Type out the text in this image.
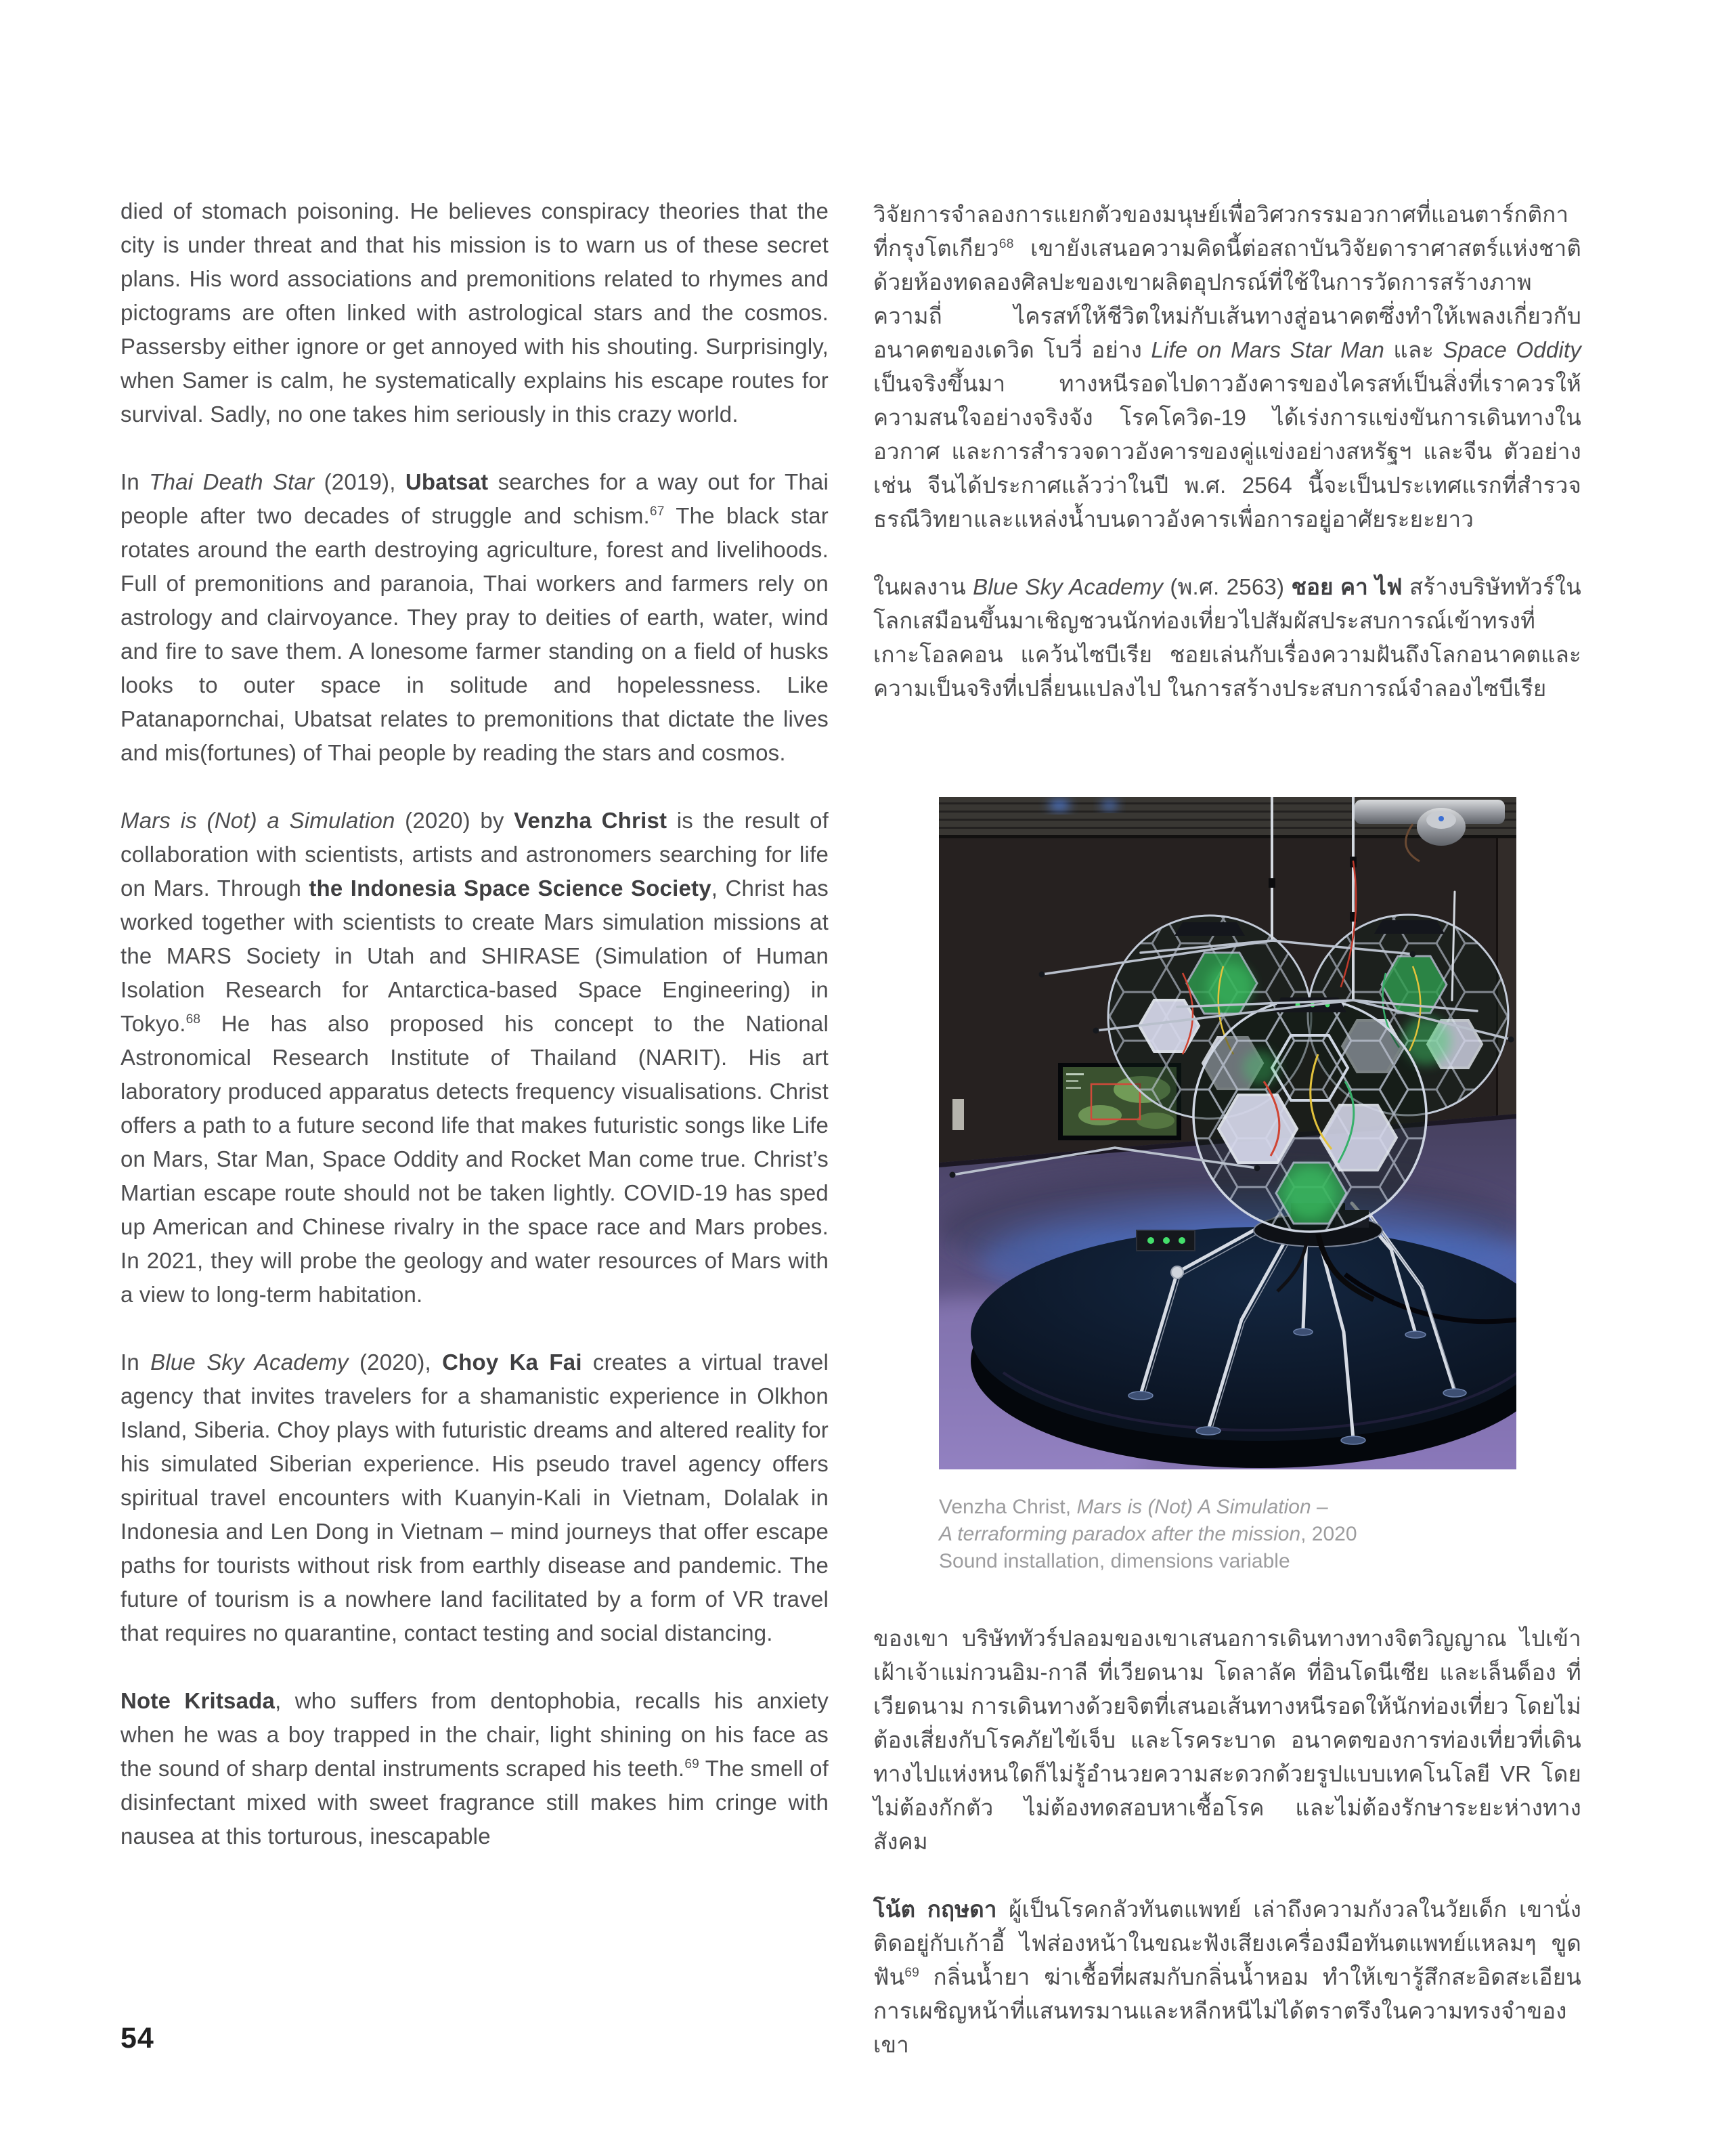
died of stomach poisoning. He believes conspiracy theories that the city is under threat and that his mission is to warn us of these secret plans. His word associations and premonitions related to rhymes and pictograms are often linked with astrological stars and the cosmos. Passersby either ignore or get annoyed with his shouting. Surprisingly, when Samer is calm, he systematically explains his escape routes for survival. Sadly, no one takes him seriously in this crazy world.

In Thai Death Star (2019), Ubatsat searches for a way out for Thai people after two decades of struggle and schism.$^{67}$ The black star rotates around the earth destroying agriculture, forest and livelihoods. Full of premonitions and paranoia, Thai workers and farmers rely on astrology and clairvoyance. They pray to deities of earth, water, wind and fire to save them. A lonesome farmer standing on a field of husks looks to outer space in solitude and hopelessness. Like Patanapornchai, Ubatsat relates to premonitions that dictate the lives and mis(fortunes) of Thai people by reading the stars and cosmos.

Mars is (Not) a Simulation (2020) by Venzha Christ is the result of collaboration with scientists, artists and astronomers searching for life on Mars. Through the Indonesia Space Science Society, Christ has worked together with scientists to create Mars simulation missions at the MARS Society in Utah and SHIRASE (Simulation of Human Isolation Research for Antarctica-based Space Engineering) in Tokyo.$^{68}$ He has also proposed his concept to the National Astronomical Research Institute of Thailand (NARIT). His art laboratory produced apparatus detects frequency visualisations. Christ offers a path to a future second life that makes futuristic songs like Life on Mars, Star Man, Space Oddity and Rocket Man come true. Christ’s Martian escape route should not be taken lightly. COVID-19 has sped up American and Chinese rivalry in the space race and Mars probes. In 2021, they will probe the geology and water resources of Mars with a view to long-term habitation.

In Blue Sky Academy (2020), Choy Ka Fai creates a virtual travel agency that invites travelers for a shamanistic experience in Olkhon Island, Siberia. Choy plays with futuristic dreams and altered reality for his simulated Siberian experience. His pseudo travel agency offers spiritual travel encounters with Kuanyin-Kali in Vietnam, Dolalak in Indonesia and Len Dong in Vietnam – mind journeys that offer escape paths for tourists without risk from earthly disease and pandemic. The future of tourism is a nowhere land facilitated by a form of VR travel that requires no quarantine, contact testing and social distancing.

Note Kritsada, who suffers from dentophobia, recalls his anxiety when he was a boy trapped in the chair, light shining on his face as the sound of sharp dental instruments scraped his teeth.$^{69}$ The smell of disinfectant mixed with sweet fragrance still makes him cringe with nausea at this torturous, inescapable

วิจัยการจำลองการแยกตัวของมนุษย์เพื่อวิศวกรรมอวกาศที่แอนตาร์กติกา ที่กรุงโตเกียว$^{68}$ เขายังเสนอความคิดนี้ต่อสถาบันวิจัยดาราศาสตร์แห่งชาติ ด้วยห้องทดลองศิลปะของเขาผลิตอุปกรณ์ที่ใช้ในการวัดการสร้างภาพความถี่ ไครสท์ให้ชีวิตใหม่กับเส้นทางสู่อนาคตซึ่งทำให้เพลงเกี่ยวกับอนาคตของเดวิด โบวี่ อย่าง Life on Mars Star Man และ Space Oddity เป็นจริงขึ้นมา ทางหนีรอดไปดาวอังคารของไครสท์เป็นสิ่งที่เราควรให้ความสนใจอย่างจริงจัง โรคโควิด-19 ได้เร่งการแข่งขันการเดินทางในอวกาศ และการสำรวจดาวอังคารของคู่แข่งอย่างสหรัฐฯ และจีน ตัวอย่างเช่น จีนได้ประกาศแล้วว่าในปี พ.ศ. 2564 นี้จะเป็นประเทศแรกที่สำรวจธรณีวิทยาและแหล่งน้ำบนดาวอังคารเพื่อการอยู่อาศัยระยะยาว

ในผลงาน Blue Sky Academy (พ.ศ. 2563) ชอย คา ไฟ สร้างบริษัททัวร์ในโลกเสมือนขึ้นมาเชิญชวนนักท่องเที่ยวไปสัมผัสประสบการณ์เข้าทรงที่เกาะโอลคอน แคว้นไซบีเรีย ชอยเล่นกับเรื่องความฝันถึงโลกอนาคตและความเป็นจริงที่เปลี่ยนแปลงไป ในการสร้างประสบการณ์จำลองไซบีเรีย

Venzha Christ, Mars is (Not) A Simulation –
A terraforming paradox after the mission, 2020
Sound installation, dimensions variable

ของเขา บริษัททัวร์ปลอมของเขาเสนอการเดินทางทางจิตวิญญาณ ไปเข้าเฝ้าเจ้าแม่กวนอิม-กาลี ที่เวียดนาม โดลาลัค ที่อินโดนีเซีย และเล็นด็อง ที่เวียดนาม การเดินทางด้วยจิตที่เสนอเส้นทางหนีรอดให้นักท่องเที่ยว โดยไม่ต้องเสี่ยงกับโรคภัยไข้เจ็บ และโรคระบาด อนาคตของการท่องเที่ยวที่เดินทางไปแห่งหนใดก็ไม่รู้อำนวยความสะดวกด้วยรูปแบบเทคโนโลยี VR โดยไม่ต้องกักตัว ไม่ต้องทดสอบหาเชื้อโรค และไม่ต้องรักษาระยะห่างทางสังคม

โน้ต กฤษดา ผู้เป็นโรคกลัวทันตแพทย์ เล่าถึงความกังวลในวัยเด็ก เขานั่งติดอยู่กับเก้าอี้ ไฟส่องหน้าในขณะฟังเสียงเครื่องมือทันตแพทย์แหลมๆ ขูดฟัน$^{69}$ กลิ่นน้ำยา ฆ่าเชื้อที่ผสมกับกลิ่นน้ำหอม ทำให้เขารู้สึกสะอิดสะเอียนการเผชิญหน้าที่แสนทรมานและหลีกหนีไม่ได้ตราตรึงในความทรงจำของเขา

54
